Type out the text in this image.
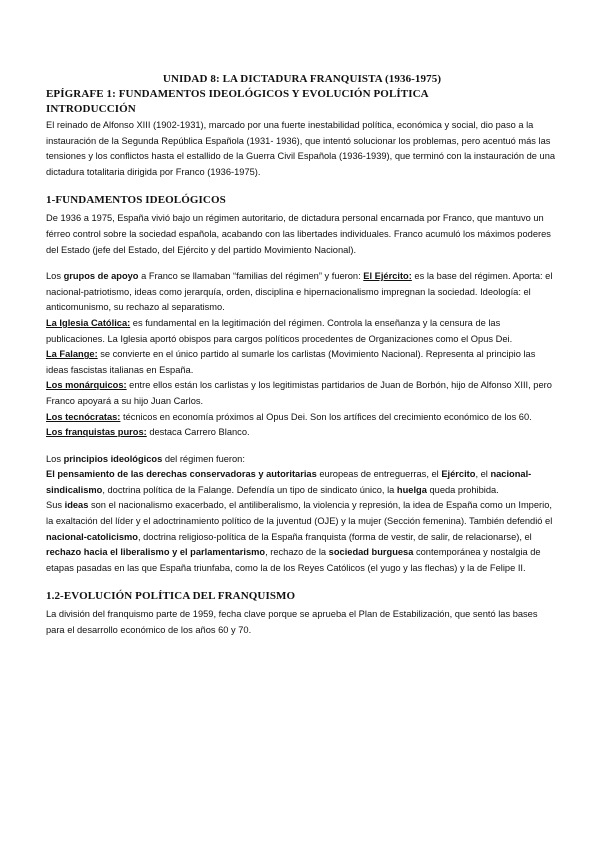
UNIDAD 8: LA DICTADURA FRANQUISTA (1936-1975)
EPÍGRAFE 1: FUNDAMENTOS IDEOLÓGICOS Y EVOLUCIÓN POLÍTICA
INTRODUCCIÓN

El reinado de Alfonso XIII (1902-1931), marcado por una fuerte inestabilidad política, económica y social, dio paso a la instauración de la Segunda República Española (1931- 1936), que intentó solucionar los problemas, pero acentuó más las tensiones y los conflictos hasta el estallido de la Guerra Civil Española (1936-1939), que terminó con la instauración de una dictadura totalitaria dirigida por Franco (1936-1975).

1-FUNDAMENTOS IDEOLÓGICOS

De 1936 a 1975, España vivió bajo un régimen autoritario, de dictadura personal encarnada por Franco, que mantuvo un férreo control sobre la sociedad española, acabando con las libertades individuales. Franco acumuló los máximos poderes del Estado (jefe del Estado, del Ejército y del partido Movimiento Nacional).

Los grupos de apoyo a Franco se llamaban “familias del régimen” y fueron: El Ejército: es la base del régimen. Aporta: el nacional-patriotismo, ideas como jerarquía, orden, disciplina e hipernacionalismo impregnan la sociedad. Ideología: el anticomunismo, su rechazo al separatismo.

La Iglesia Católica: es fundamental en la legitimación del régimen. Controla la enseñanza y la censura de las publicaciones. La Iglesia aportó obispos para cargos políticos procedentes de Organizaciones como el Opus Dei.

La Falange: se convierte en el único partido al sumarle los carlistas (Movimiento Nacional). Representa al principio las ideas fascistas italianas en España.

Los monárquicos: entre ellos están los carlistas y los legitimistas partidarios de Juan de Borbón, hijo de Alfonso XIII, pero Franco apoyará a su hijo Juan Carlos.

Los tecnócratas: técnicos en economía próximos al Opus Dei. Son los artífices del crecimiento económico de los 60.

Los franquistas puros: destaca Carrero Blanco.

Los principios ideológicos del régimen fueron:

El pensamiento de las derechas conservadoras y autoritarias europeas de entreguerras, el Ejército, el nacional-sindicalismo, doctrina política de la Falange. Defendía un tipo de sindicato único, la huelga queda prohibida.

Sus ideas son el nacionalismo exacerbado, el antiliberalismo, la violencia y represión, la idea de España como un Imperio, la exaltación del líder y el adoctrinamiento político de la juventud (OJE) y la mujer (Sección femenina). También defendió el nacional-catolicismo, doctrina religioso-política de la España franquista (forma de vestir, de salir, de relacionarse), el rechazo hacia el liberalismo y el parlamentarismo, rechazo de la sociedad burguesa contemporánea y nostalgia de etapas pasadas en las que España triunfaba, como la de los Reyes Católicos (el yugo y las flechas) y la de Felipe II.

1.2-EVOLUCIÓN POLÍTICA DEL FRANQUISMO

La división del franquismo parte de 1959, fecha clave porque se aprueba el Plan de Estabilización, que sentó las bases para el desarrollo económico de los años 60 y 70.
